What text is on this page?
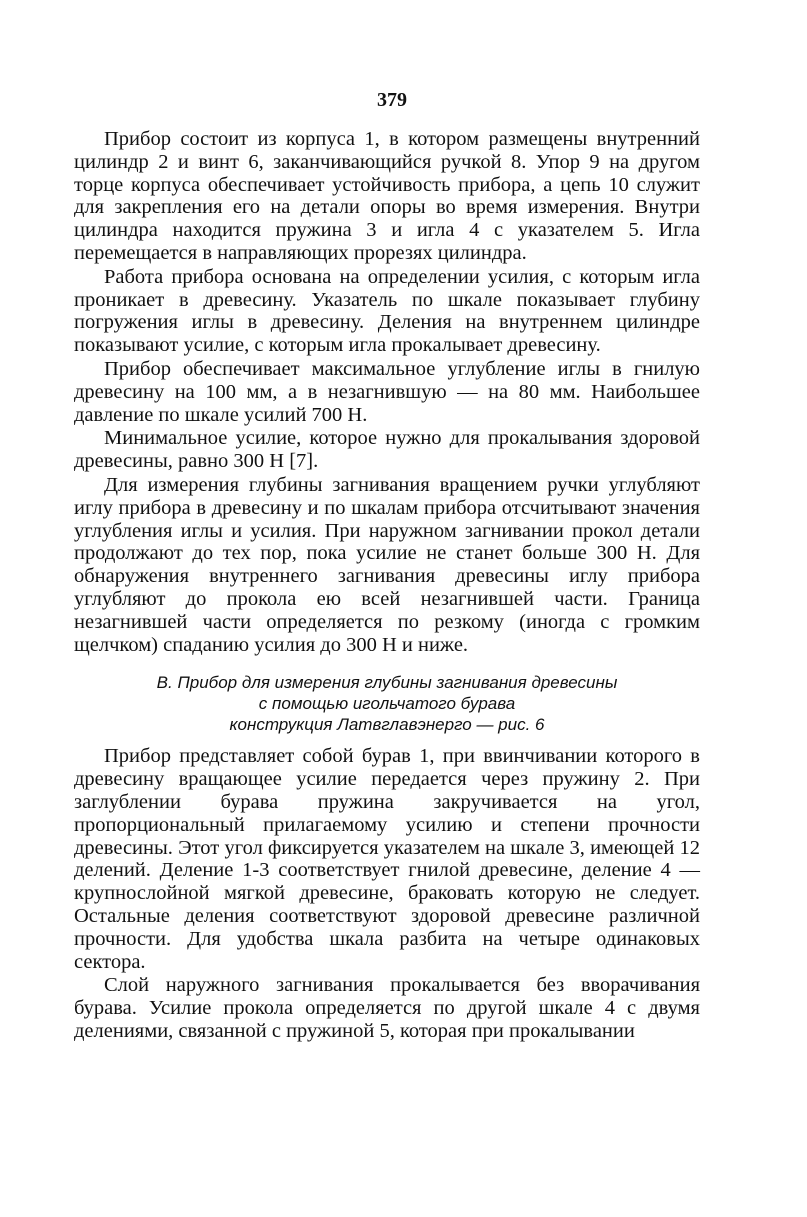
379

Прибор состоит из корпуса 1, в котором размещены внутренний цилиндр 2 и винт 6, заканчивающийся ручкой 8. Упор 9 на другом торце корпуса обеспечивает устойчивость прибора, а цепь 10 служит для закрепления его на детали опоры во время измерения. Внутри цилиндра находится пружина 3 и игла 4 с указателем 5. Игла перемещается в направляющих прорезях цилиндра.

Работа прибора основана на определении усилия, с которым игла проникает в древесину. Указатель по шкале показывает глубину погружения иглы в древесину. Деления на внутреннем цилиндре показывают усилие, с которым игла прокалывает древесину.

Прибор обеспечивает максимальное углубление иглы в гнилую древесину на 100 мм, а в незагнившую — на 80 мм. Наибольшее давление по шкале усилий 700 Н.

Минимальное усилие, которое нужно для прокалывания здоровой древесины, равно 300 Н [7].

Для измерения глубины загнивания вращением ручки углубляют иглу прибора в древесину и по шкалам прибора отсчитывают значения углубления иглы и усилия. При наружном загнивании прокол детали продолжают до тех пор, пока усилие не станет больше 300 Н. Для обнаружения внутреннего загнивания древесины иглу прибора углубляют до прокола ею всей незагнившей части. Граница незагнившей части определяется по резкому (иногда с громким щелчком) спаданию усилия до 300 Н и ниже.

В. Прибор для измерения глубины загнивания древесины
с помощью игольчатого бурава
конструкция Латвглавэнерго — рис. 6

Прибор представляет собой бурав 1, при ввинчивании которого в древесину вращающее усилие передается через пружину 2. При заглублении бурава пружина закручивается на угол, пропорциональный прилагаемому усилию и степени прочности древесины. Этот угол фиксируется указателем на шкале 3, имеющей 12 делений. Деление 1-3 соответствует гнилой древесине, деление 4 — крупнослойной мягкой древесине, браковать которую не следует. Остальные деления соответствуют здоровой древесине различной прочности. Для удобства шкала разбита на четыре одинаковых сектора.

Слой наружного загнивания прокалывается без вворачивания бурава. Усилие прокола определяется по другой шкале 4 с двумя делениями, связанной с пружиной 5, которая при прокалывании
